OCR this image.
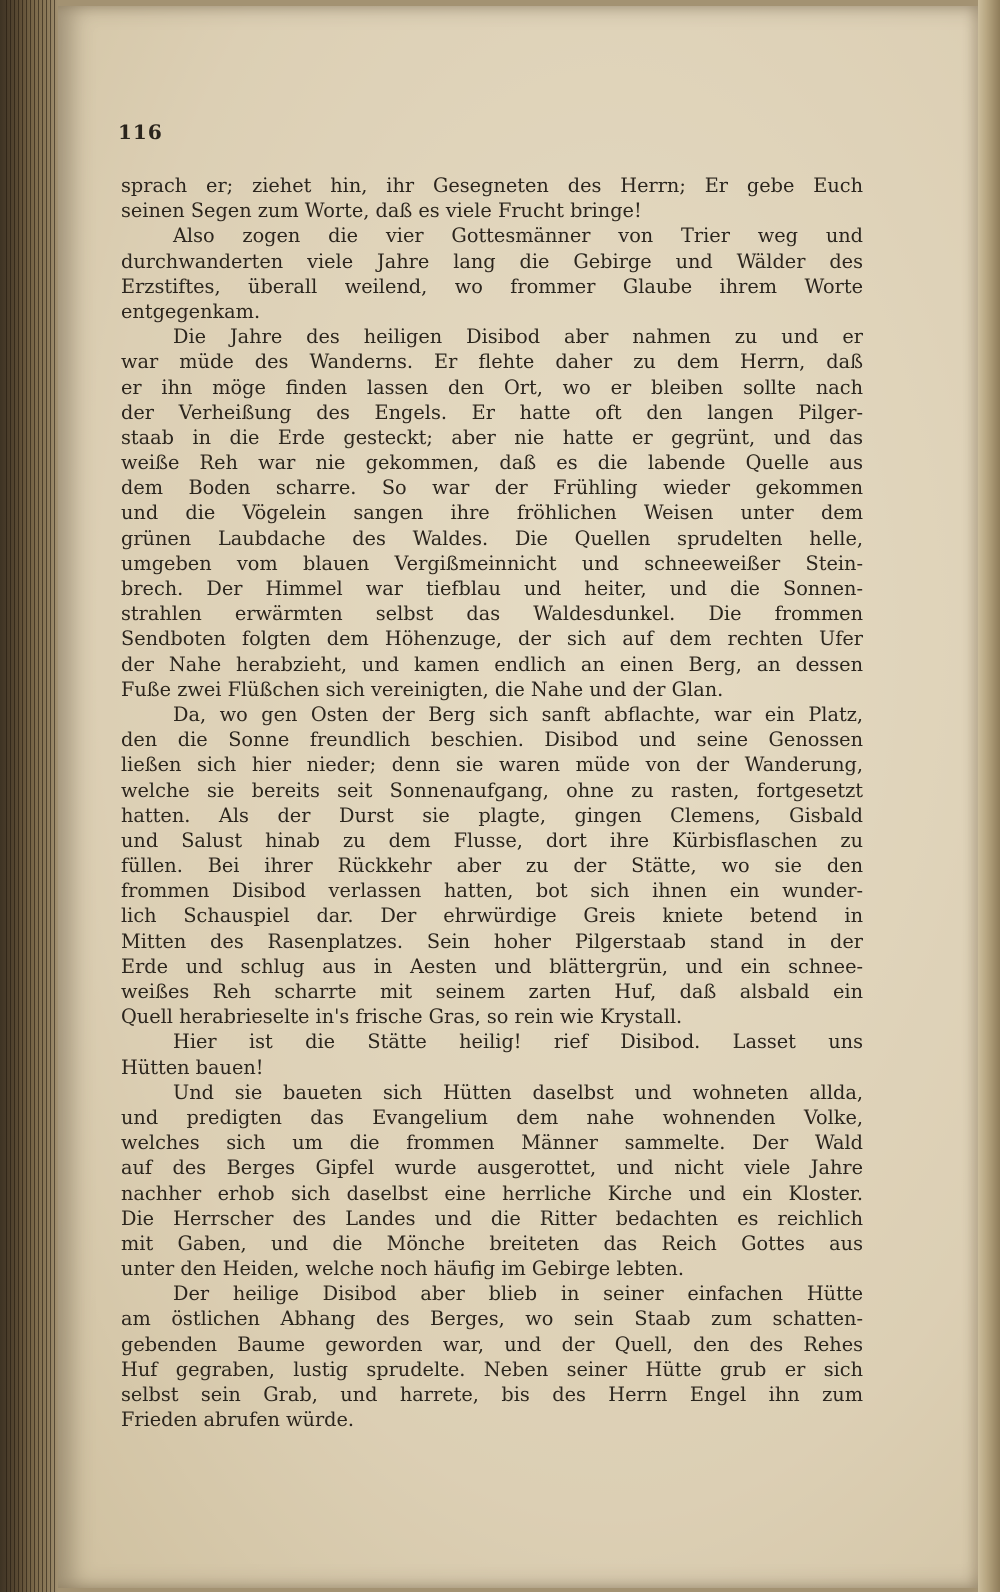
116
sprach er; ziehet hin, ihr Gesegneten des Herrn; Er gebe Euch
seinen Segen zum Worte, daß es viele Frucht bringe!
Also zogen die vier Gottesmänner von Trier weg und
durchwanderten viele Jahre lang die Gebirge und Wälder des
Erzstiftes, überall weilend, wo frommer Glaube ihrem Worte
entgegenkam.
Die Jahre des heiligen Disibod aber nahmen zu und er
war müde des Wanderns. Er flehte daher zu dem Herrn, daß
er ihn möge finden lassen den Ort, wo er bleiben sollte nach
der Verheißung des Engels. Er hatte oft den langen Pilger-
staab in die Erde gesteckt; aber nie hatte er gegrünt, und das
weiße Reh war nie gekommen, daß es die labende Quelle aus
dem Boden scharre. So war der Frühling wieder gekommen
und die Vögelein sangen ihre fröhlichen Weisen unter dem
grünen Laubdache des Waldes. Die Quellen sprudelten helle,
umgeben vom blauen Vergißmeinnicht und schneeweißer Stein-
brech. Der Himmel war tiefblau und heiter, und die Sonnen-
strahlen erwärmten selbst das Waldesdunkel. Die frommen
Sendboten folgten dem Höhenzuge, der sich auf dem rechten Ufer
der Nahe herabzieht, und kamen endlich an einen Berg, an dessen
Fuße zwei Flüßchen sich vereinigten, die Nahe und der Glan.
Da, wo gen Osten der Berg sich sanft abflachte, war ein Platz,
den die Sonne freundlich beschien. Disibod und seine Genossen
ließen sich hier nieder; denn sie waren müde von der Wanderung,
welche sie bereits seit Sonnenaufgang, ohne zu rasten, fortgesetzt
hatten. Als der Durst sie plagte, gingen Clemens, Gisbald
und Salust hinab zu dem Flusse, dort ihre Kürbisflaschen zu
füllen. Bei ihrer Rückkehr aber zu der Stätte, wo sie den
frommen Disibod verlassen hatten, bot sich ihnen ein wunder-
lich Schauspiel dar. Der ehrwürdige Greis kniete betend in
Mitten des Rasenplatzes. Sein hoher Pilgerstaab stand in der
Erde und schlug aus in Aesten und blättergrün, und ein schnee-
weißes Reh scharrte mit seinem zarten Huf, daß alsbald ein
Quell herabrieselte in's frische Gras, so rein wie Krystall.
Hier ist die Stätte heilig! rief Disibod. Lasset uns
Hütten bauen!
Und sie baueten sich Hütten daselbst und wohneten allda,
und predigten das Evangelium dem nahe wohnenden Volke,
welches sich um die frommen Männer sammelte. Der Wald
auf des Berges Gipfel wurde ausgerottet, und nicht viele Jahre
nachher erhob sich daselbst eine herrliche Kirche und ein Kloster.
Die Herrscher des Landes und die Ritter bedachten es reichlich
mit Gaben, und die Mönche breiteten das Reich Gottes aus
unter den Heiden, welche noch häufig im Gebirge lebten.
Der heilige Disibod aber blieb in seiner einfachen Hütte
am östlichen Abhang des Berges, wo sein Staab zum schatten-
gebenden Baume geworden war, und der Quell, den des Rehes
Huf gegraben, lustig sprudelte. Neben seiner Hütte grub er sich
selbst sein Grab, und harrete, bis des Herrn Engel ihn zum
Frieden abrufen würde.
